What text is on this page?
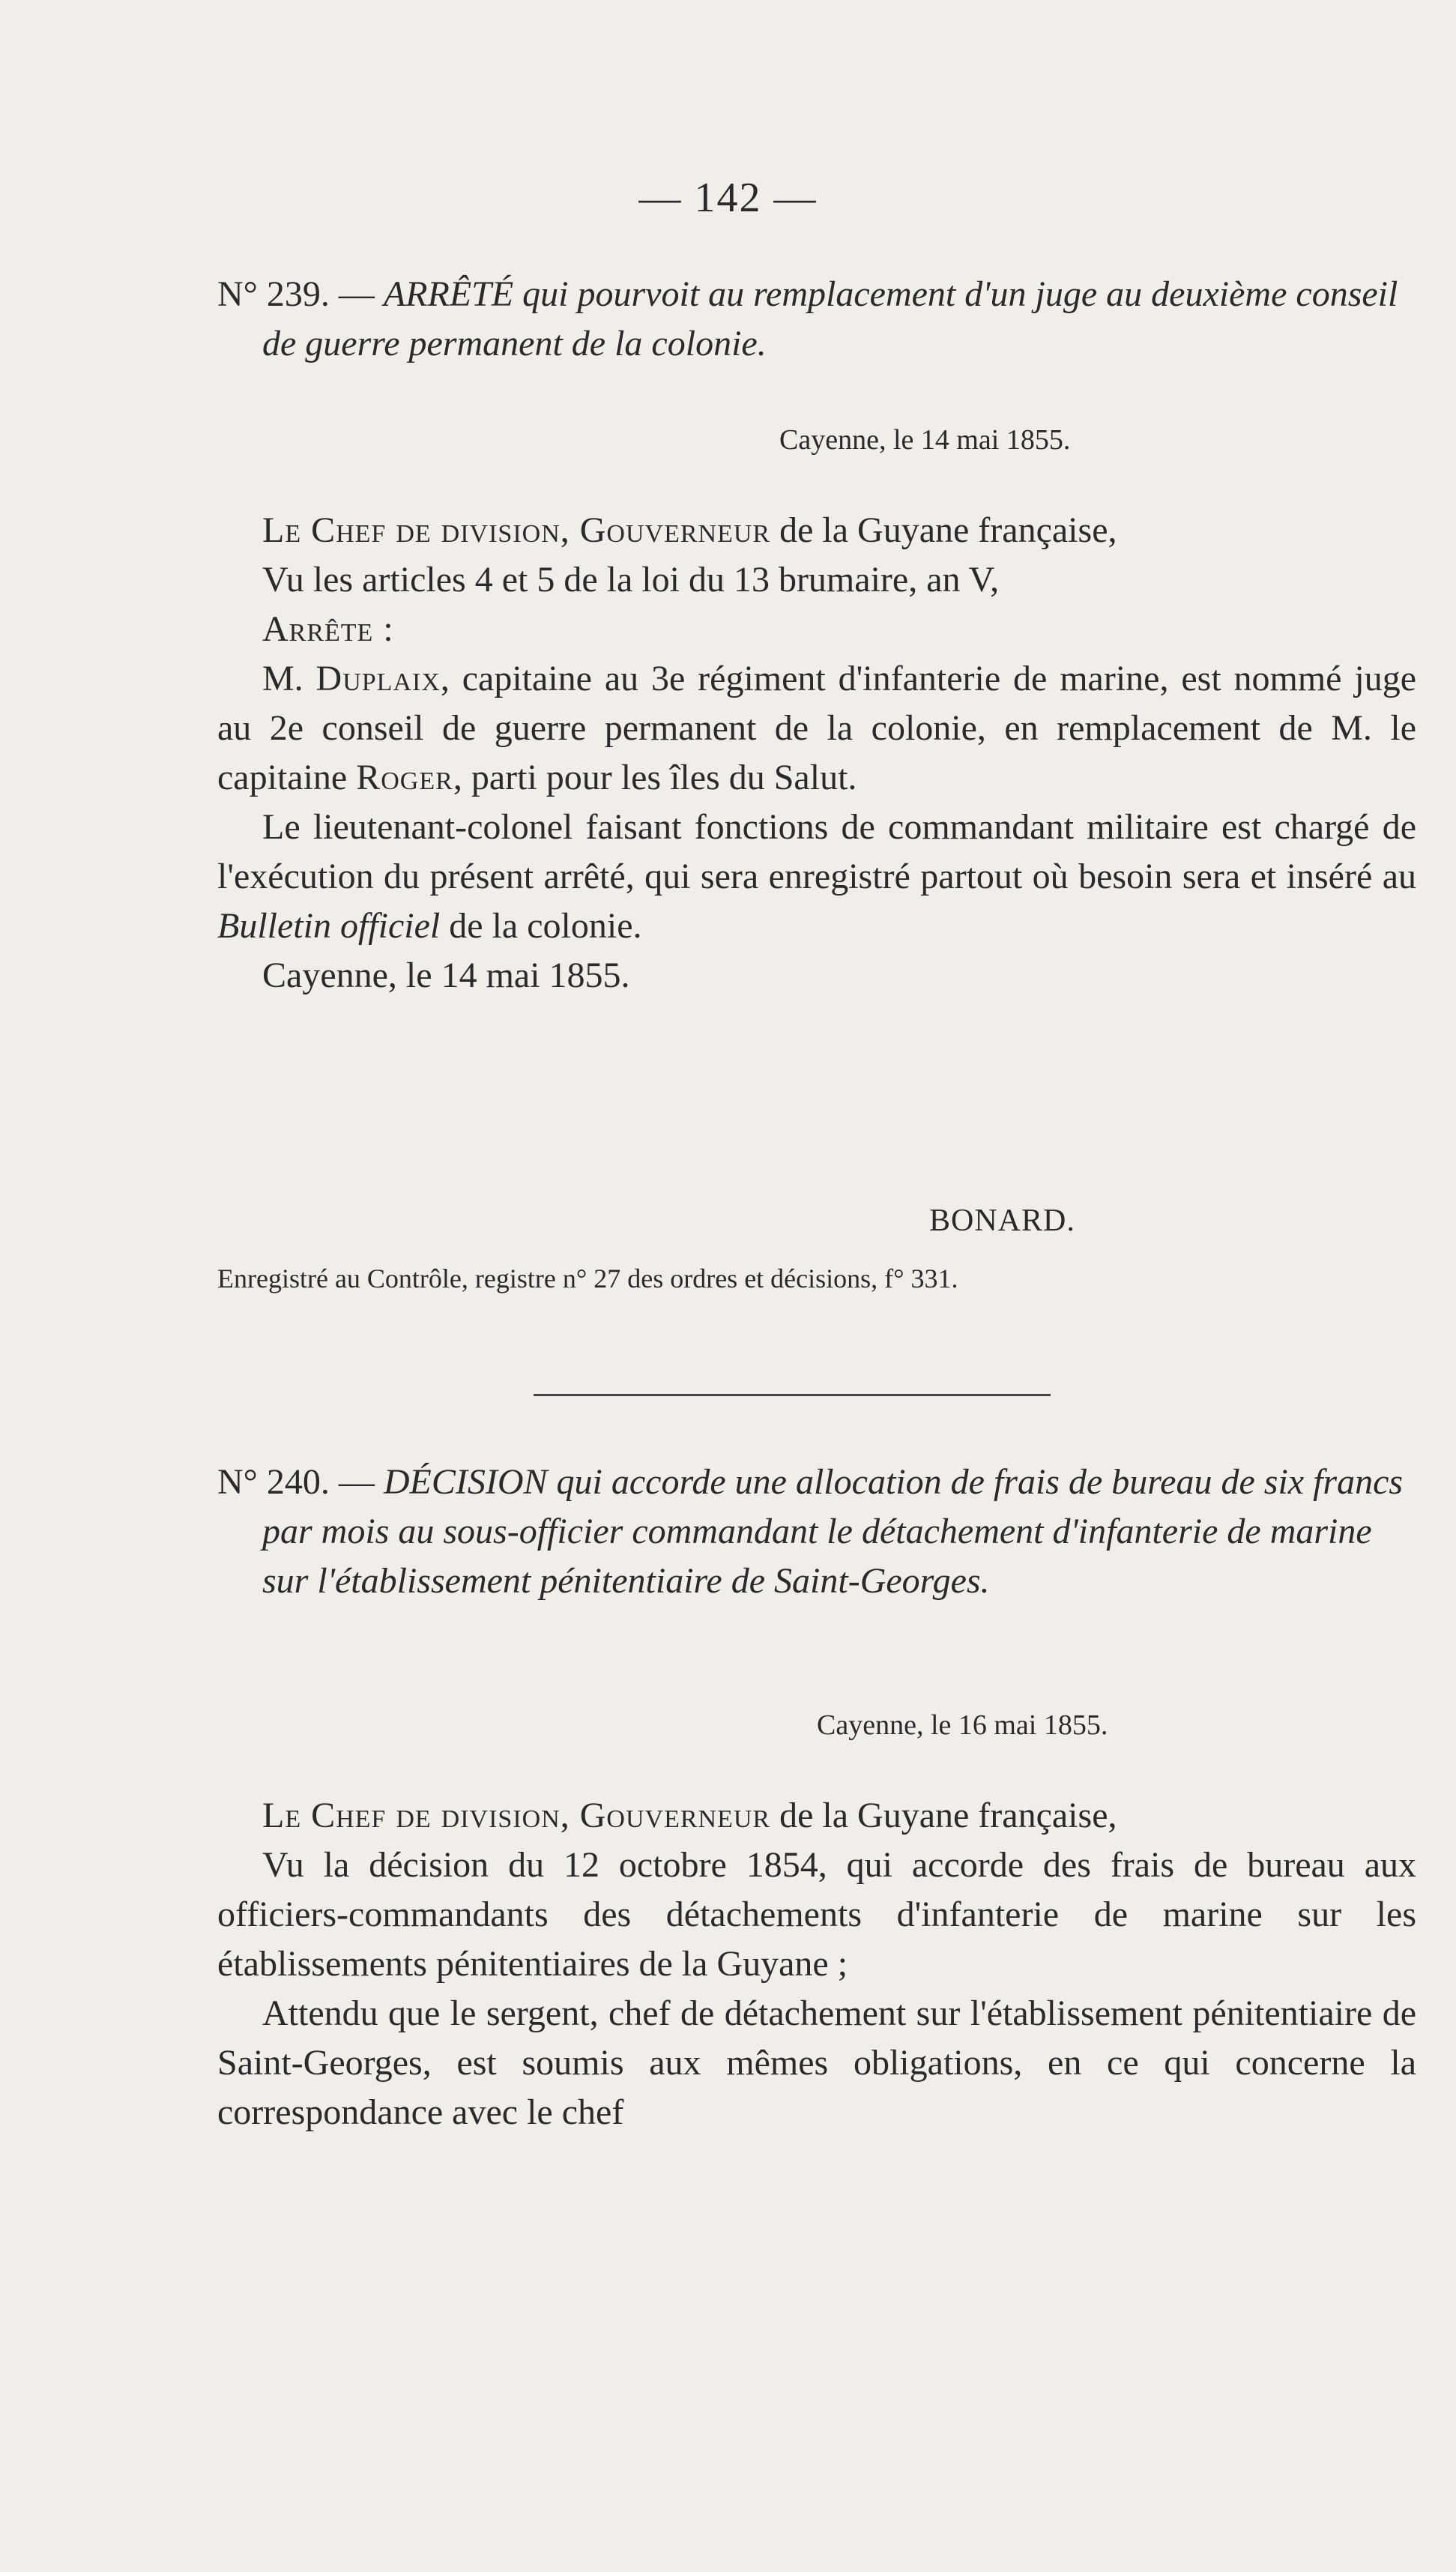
— 142 —

N° 239. — ARRÊTÉ qui pourvoit au remplacement d'un juge au deuxième conseil de guerre permanent de la colonie.

Cayenne, le 14 mai 1855.

Le Chef de division, Gouverneur de la Guyane française,

Vu les articles 4 et 5 de la loi du 13 brumaire, an V,

Arrête :

M. Duplaix, capitaine au 3e régiment d'infanterie de marine, est nommé juge au 2e conseil de guerre permanent de la colonie, en remplacement de M. le capitaine Roger, parti pour les îles du Salut.

Le lieutenant-colonel faisant fonctions de commandant militaire est chargé de l'exécution du présent arrêté, qui sera enregistré partout où besoin sera et inséré au Bulletin officiel de la colonie.

Cayenne, le 14 mai 1855.

BONARD.
Enregistré au Contrôle, registre n° 27 des ordres et décisions, f° 331.

N° 240. — DÉCISION qui accorde une allocation de frais de bureau de six francs par mois au sous-officier commandant le détachement d'infanterie de marine sur l'établissement pénitentiaire de Saint-Georges.

Cayenne, le 16 mai 1855.

Le Chef de division, Gouverneur de la Guyane française,

Vu la décision du 12 octobre 1854, qui accorde des frais de bureau aux officiers-commandants des détachements d'infanterie de marine sur les établissements pénitentiaires de la Guyane ;

Attendu que le sergent, chef de détachement sur l'établissement pénitentiaire de Saint-Georges, est soumis aux mêmes obligations, en ce qui concerne la correspondance avec le chef
